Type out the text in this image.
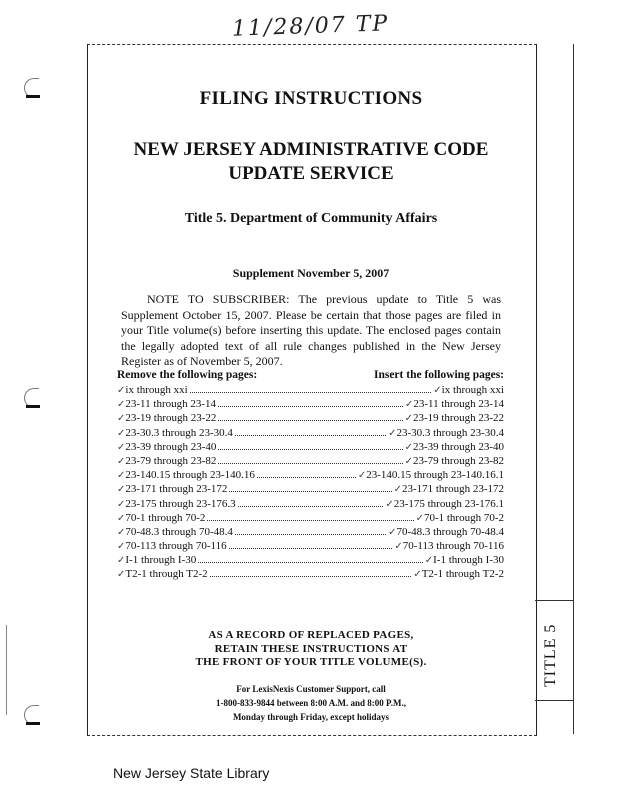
11/28/07 TP
TITLE 5
FILING INSTRUCTIONS
NEW JERSEY ADMINISTRATIVE CODE
UPDATE SERVICE
Title 5. Department of Community Affairs
Supplement November 5, 2007
NOTE TO SUBSCRIBER: The previous update to Title 5 was Supplement October 15, 2007. Please be certain that those pages are filed in your Title volume(s) before inserting this update. The enclosed pages contain the legally adopted text of all rule changes published in the New Jersey Register as of November 5, 2007.
Remove the following pages:	Insert the following pages:
✓ ix through xxi	✓ ix through xxi
✓ 23-11 through 23-14	✓ 23-11 through 23-14
✓ 23-19 through 23-22	✓ 23-19 through 23-22
✓ 23-30.3 through 23-30.4	✓ 23-30.3 through 23-30.4
✓ 23-39 through 23-40	✓ 23-39 through 23-40
✓ 23-79 through 23-82	✓ 23-79 through 23-82
✓ 23-140.15 through 23-140.16	✓ 23-140.15 through 23-140.16.1
✓ 23-171 through 23-172	✓ 23-171 through 23-172
✓ 23-175 through 23-176.3	✓ 23-175 through 23-176.1
✓ 70-1 through 70-2	✓ 70-1 through 70-2
✓ 70-48.3 through 70-48.4	✓ 70-48.3 through 70-48.4
✓ 70-113 through 70-116	✓ 70-113 through 70-116
✓ I-1 through I-30	✓ I-1 through I-30
✓ T2-1 through T2-2	✓ T2-1 through T2-2
AS A RECORD OF REPLACED PAGES,
RETAIN THESE INSTRUCTIONS AT
THE FRONT OF YOUR TITLE VOLUME(S).
For LexisNexis Customer Support, call
1-800-833-9844 between 8:00 A.M. and 8:00 P.M.,
Monday through Friday, except holidays
New Jersey State Library
